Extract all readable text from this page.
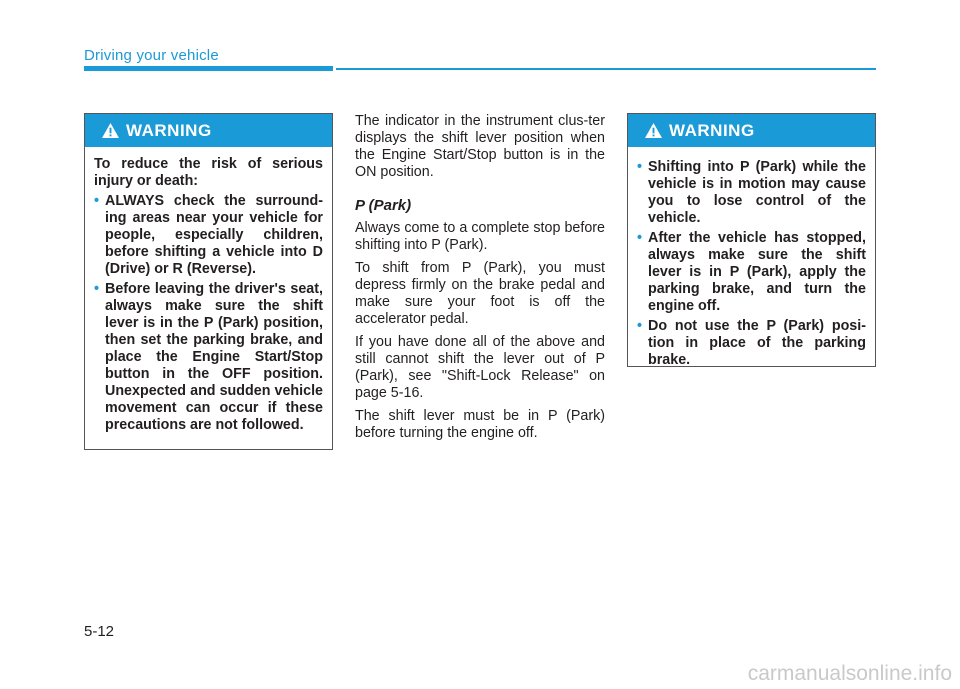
Driving your vehicle
WARNING

To reduce the risk of serious injury or death:

• ALWAYS check the surround-ing areas near your vehicle for people, especially children, before shifting a vehicle into D (Drive) or R (Reverse).
• Before leaving the driver's seat, always make sure the shift lever is in the P (Park) position, then set the parking brake, and place the Engine Start/Stop button in the OFF position. Unexpected and sudden vehicle movement can occur if these precautions are not followed.

The indicator in the instrument clus-ter displays the shift lever position when the Engine Start/Stop button is in the ON position.

P (Park)

Always come to a complete stop before shifting into P (Park).

To shift from P (Park), you must depress firmly on the brake pedal and make sure your foot is off the accelerator pedal.

If you have done all of the above and still cannot shift the lever out of P (Park), see "Shift-Lock Release" on page 5-16.

The shift lever must be in P (Park) before turning the engine off.

WARNING
• Shifting into P (Park) while the vehicle is in motion may cause you to lose control of the vehicle.
• After the vehicle has stopped, always make sure the shift lever is in P (Park), apply the parking brake, and turn the engine off.
• Do not use the P (Park) posi-tion in place of the parking brake.
5-12
carmanualsonline.info
